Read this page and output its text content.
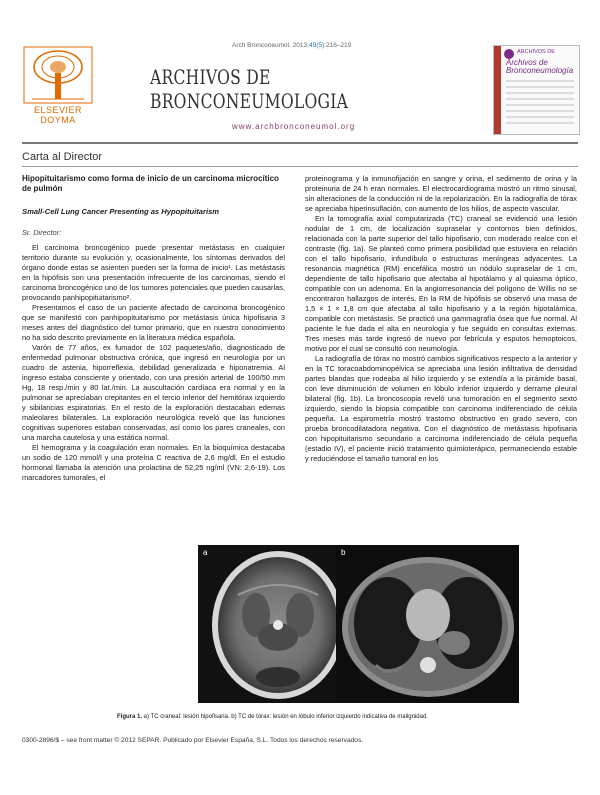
Arch Bronconeumol. 2013;49(5):216–219
ELSEVIER
DOYMA
ARCHIVOS DE BRONCONEUMOLOGIA
www.archbronconeumol.org
ARCHIVOS DE
Archivos de Bronconeumología
Carta al Director
Hipopituitarismo como forma de inicio de un carcinoma microcítico de pulmón
Small-Cell Lung Cancer Presenting as Hypopituitarism
Sr. Director:

El carcinoma broncogénico puede presentar metástasis en cualquier territorio durante su evolución y, ocasionalmente, los síntomas derivados del órgano donde estas se asienten pueden ser la forma de inicio¹. Las metástasis en la hipófisis son una presentación infrecuente de los carcinomas, siendo el carcinoma broncogénico uno de los tumores potenciales que pueden causarlas, provocando panhipopituitarismo².

Presentamos el caso de un paciente afectado de carcinoma broncogénico que se manifestó con panhipopituitarismo por metástasis única hipofisaria 3 meses antes del diagnóstico del tumor primario, que en nuestro conocimiento no ha sido descrito previamente en la literatura médica española.

Varón de 77 años, ex fumador de 102 paquetes/año, diagnosticado de enfermedad pulmonar obstructiva crónica, que ingresó en neurología por un cuadro de astenia, hiporreflexia, debilidad generalizada e hiponatremia. Al ingreso estaba consciente y orientado, con una presión arterial de 100/50 mm Hg, 18 resp./min y 80 lat./min. La auscultación cardíaca era normal y en la pulmonar se apreciaban crepitantes en el tercio inferior del hemitórax izquierdo y sibilancias espiratorias. En el resto de la exploración destacaban edemas maleolares bilaterales. La exploración neurológica reveló que las funciones cognitivas superiores estaban conservadas, así como los pares craneales, con una marcha cautelosa y una estática normal.

El hemograma y la coagulación eran normales. En la bioquímica destacaba un sodio de 120 mmol/l y una proteína C reactiva de 2,6 mg/dl. En el estudio hormonal llamaba la atención una prolactina de 52,25 ng/ml (VN: 2,6-19). Los marcadores tumorales, el

proteinograma y la inmunofijación en sangre y orina, el sedimento de orina y la proteinuria de 24 h eran normales. El electrocardiograma mostró un ritmo sinusal, sin alteraciones de la conducción ni de la repolarización. En la radiografía de tórax se apreciaba hiperinsuflación, con aumento de los hilios, de aspecto vascular.

En la tomografía axial computarizada (TC) craneal se evidenció una lesión nodular de 1 cm, de localización supraselar y contornos bien definidos, relacionada con la parte superior del tallo hipofisario, con moderado realce con el contraste (fig. 1a). Se planteó como primera posibilidad que estuviera en relación con el tallo hipofisario, infundíbulo o estructuras meníngeas adyacentes. La resonancia magnética (RM) encefálica mostró un nódulo supraselar de 1 cm, dependiente de tallo hipofisario que afectaba al hipotálamo y al quiasma óptico, compatible con un adenoma. En la angiorresonancia del polígono de Willis no se encontraron hallazgos de interés. En la RM de hipófisis se observó una masa de 1,5 × 1 × 1,8 cm que afectaba al tallo hipofisario y a la región hipotalámica, compatible con metástasis. Se practicó una gammagrafía ósea que fue normal. Al paciente le fue dada el alta en neurología y fue seguido en consultas externas. Tres meses más tarde ingresó de nuevo por febrícula y esputos hemoptoicos, motivo por el cual se consultó con neumología.

La radiografía de tórax no mostró cambios significativos respecto a la anterior y en la TC toracoabdominopélvica se apreciaba una lesión infiltrativa de densidad partes blandas que rodeaba al hilio izquierdo y se extendía a la pirámide basal, con leve disminución de volumen en lóbulo inferior izquierdo y derrame pleural bilateral (fig. 1b). La broncoscopia reveló una tumoración en el segmento sexto izquierdo, siendo la biopsia compatible con carcinoma indiferenciado de célula pequeña. La espirometría mostró trastorno obstructivo en grado severo, con prueba broncodilatadora negativa. Con el diagnóstico de metástasis hipofisaria con hipopituitarismo secundario a carcinoma indiferenciado de célula pequeña (estadio IV), el paciente inició tratamiento quimioterápico, permaneciendo estable y reduciéndose el tamaño tumoral en los

a	b
Figura 1. a) TC craneal: lesión hipofisaria. b) TC de tórax: lesión en lóbulo inferior izquierdo indicativa de malignidad.
0300-2896/$ – see front matter © 2012 SEPAR. Publicado por Elsevier España, S.L. Todos los derechos reservados.
